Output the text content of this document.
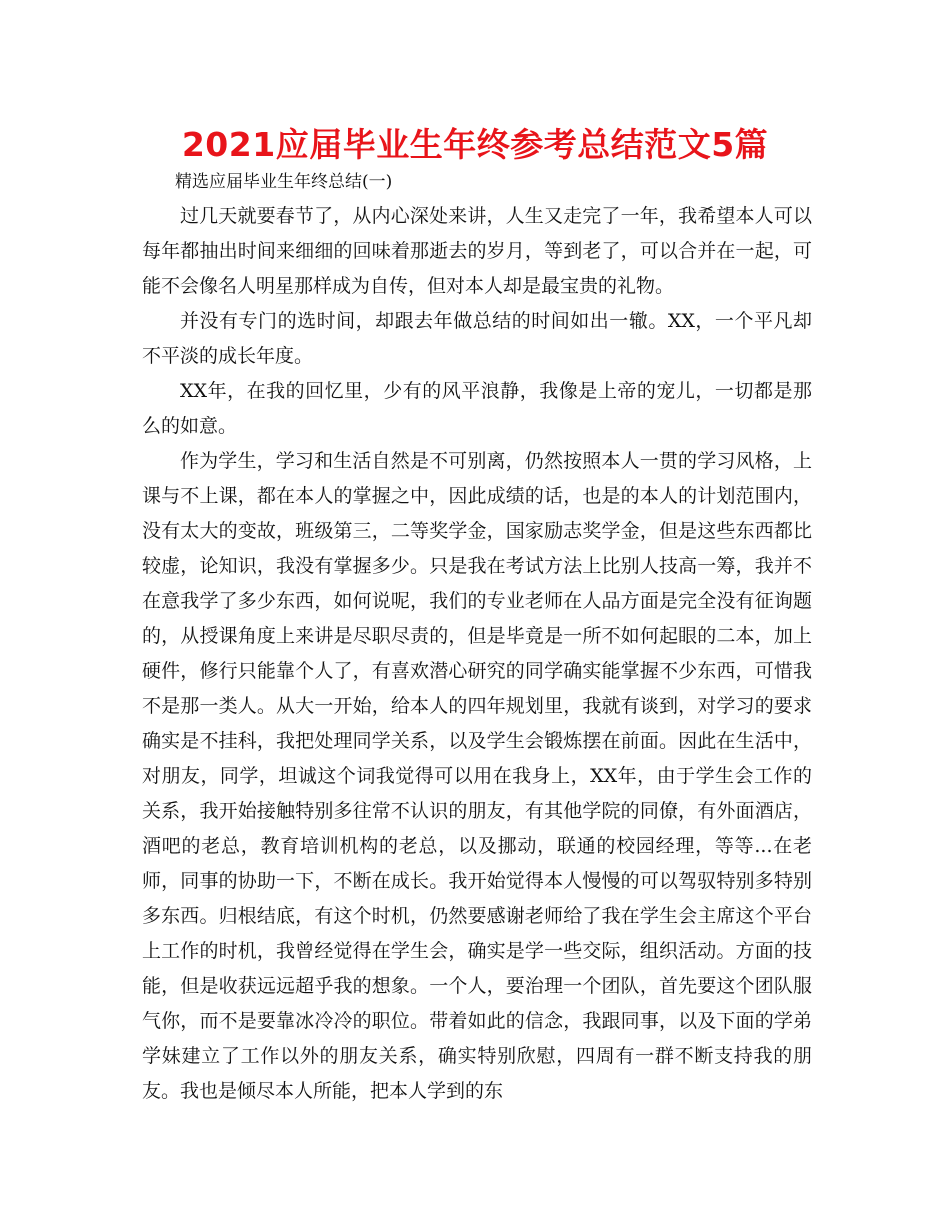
2021应届毕业生年终参考总结范文5篇

精选应届毕业生年终总结(一)

过几天就要春节了，从内心深处来讲，人生又走完了一年，我希望本人可以每年都抽出时间来细细的回味着那逝去的岁月，等到老了，可以合并在一起，可能不会像名人明星那样成为自传，但对本人却是最宝贵的礼物。

并没有专门的选时间，却跟去年做总结的时间如出一辙。XX，一个平凡却不平淡的成长年度。

XX年，在我的回忆里，少有的风平浪静，我像是上帝的宠儿，一切都是那么的如意。

作为学生，学习和生活自然是不可别离，仍然按照本人一贯的学习风格，上课与不上课，都在本人的掌握之中，因此成绩的话，也是的本人的计划范围内，没有太大的变故，班级第三，二等奖学金，国家励志奖学金，但是这些东西都比较虚，论知识，我没有掌握多少。只是我在考试方法上比别人技高一筹，我并不在意我学了多少东西，如何说呢，我们的专业老师在人品方面是完全没有征询题的，从授课角度上来讲是尽职尽责的，但是毕竟是一所不如何起眼的二本，加上硬件，修行只能靠个人了，有喜欢潜心研究的同学确实能掌握不少东西，可惜我不是那一类人。从大一开始，给本人的四年规划里，我就有谈到，对学习的要求确实是不挂科，我把处理同学关系，以及学生会锻炼摆在前面。因此在生活中，对朋友，同学，坦诚这个词我觉得可以用在我身上，XX年，由于学生会工作的关系，我开始接触特别多往常不认识的朋友，有其他学院的同僚，有外面酒店，酒吧的老总，教育培训机构的老总，以及挪动，联通的校园经理，等等...在老师，同事的协助一下，不断在成长。我开始觉得本人慢慢的可以驾驭特别多特别多东西。归根结底，有这个时机，仍然要感谢老师给了我在学生会主席这个平台上工作的时机，我曾经觉得在学生会，确实是学一些交际，组织活动。方面的技能，但是收获远远超乎我的想象。一个人，要治理一个团队，首先要这个团队服气你，而不是要靠冰冷冷的职位。带着如此的信念，我跟同事，以及下面的学弟学妹建立了工作以外的朋友关系，确实特别欣慰，四周有一群不断支持我的朋友。我也是倾尽本人所能，把本人学到的东
